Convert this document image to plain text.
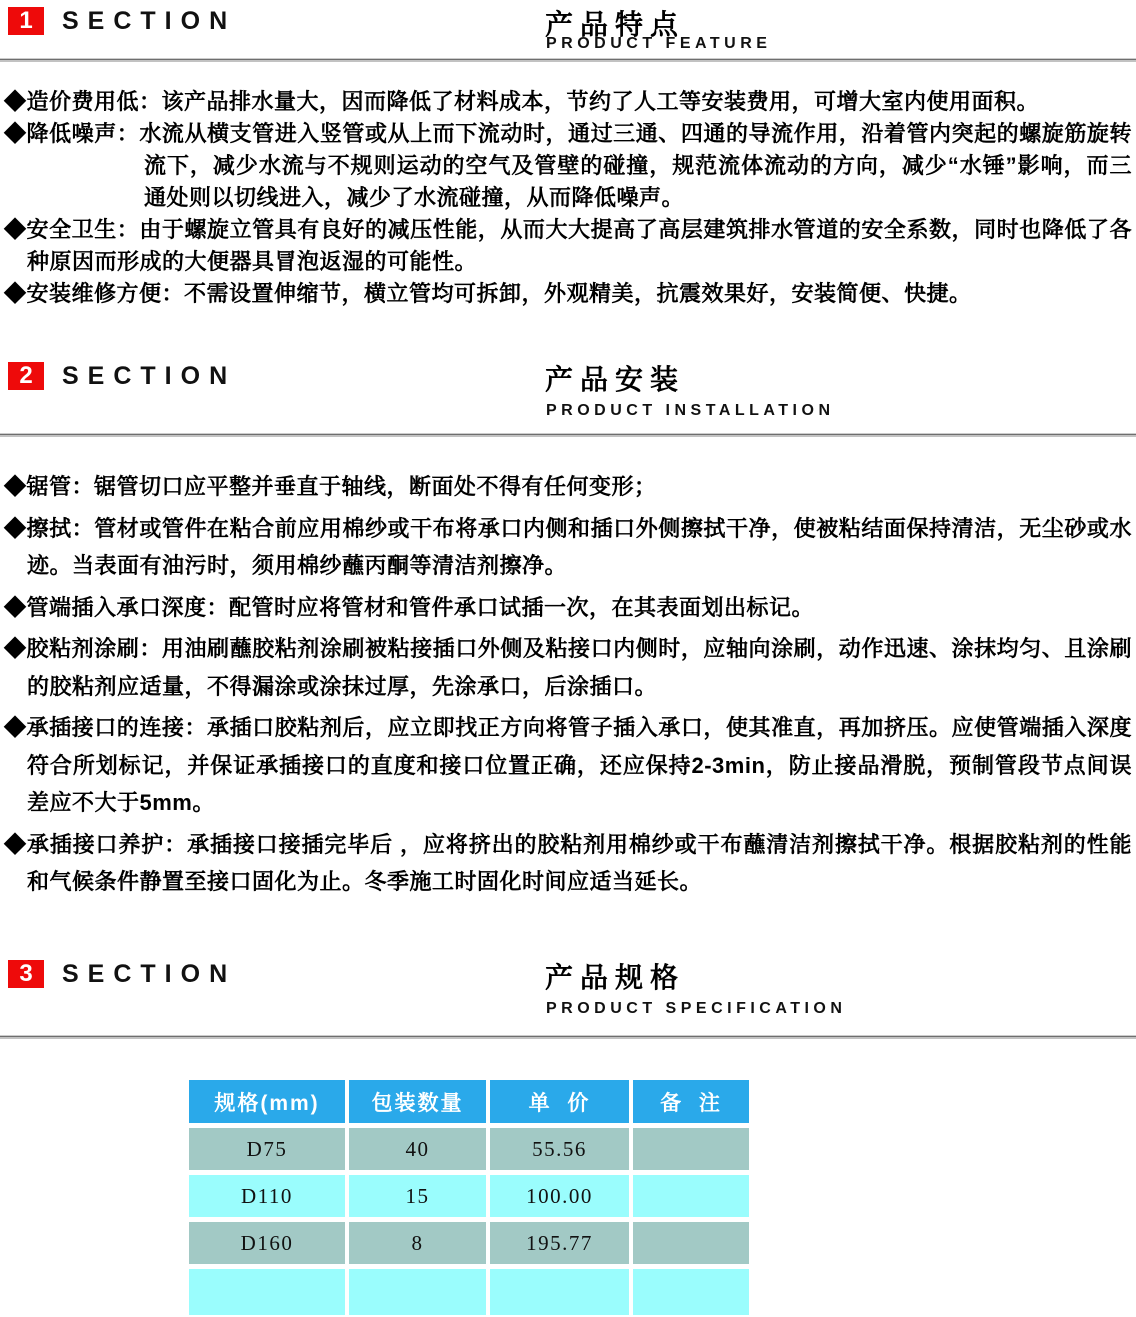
1	SECTION	产品特点
PRODUCT FEATURE

◆造价费用低：该产品排水量大，因而降低了材料成本，节约了人工等安装费用，可增大室内使用面积。

◆降低噪声：水流从横支管进入竖管或从上而下流动时，通过三通、四通的导流作用，沿着管内突起的螺旋筋旋转流下，减少水流与不规则运动的空气及管壁的碰撞，规范流体流动的方向，减少“水锤”影响，而三通处则以切线进入，减少了水流碰撞，从而降低噪声。

◆安全卫生：由于螺旋立管具有良好的减压性能，从而大大提高了高层建筑排水管道的安全系数，同时也降低了各种原因而形成的大便器具冒泡返湿的可能性。

◆安装维修方便：不需设置伸缩节，横立管均可拆卸，外观精美，抗震效果好，安装简便、快捷。

2	SECTION	产品安装
PRODUCT INSTALLATION

◆锯管：锯管切口应平整并垂直于轴线，断面处不得有任何变形；

◆擦拭：管材或管件在粘合前应用棉纱或干布将承口内侧和插口外侧擦拭干净，使被粘结面保持清洁，无尘砂或水迹。当表面有油污时，须用棉纱蘸丙酮等清洁剂擦净。

◆管端插入承口深度：配管时应将管材和管件承口试插一次，在其表面划出标记。

◆胶粘剂涂刷：用油刷蘸胶粘剂涂刷被粘接插口外侧及粘接口内侧时，应轴向涂刷，动作迅速、涂抹均匀、且涂刷的胶粘剂应适量，不得漏涂或涂抹过厚，先涂承口，后涂插口。

◆承插接口的连接：承插口胶粘剂后，应立即找正方向将管子插入承口，使其准直，再加挤压。应使管端插入深度符合所划标记，并保证承插接口的直度和接口位置正确，还应保持2-3min，防止接品滑脱，预制管段节点间误差应不大于5mm。

◆承插接口养护：承插接口接插完毕后 ，应将挤出的胶粘剂用棉纱或干布蘸清洁剂擦拭干净。根据胶粘剂的性能和气候条件静置至接口固化为止。冬季施工时固化时间应适当延长。

3	SECTION	产品规格
PRODUCT SPECIFICATION
规格(mm)	包装数量	单  价	备  注
D75	40	55.56
D110	15	100.00
D160	8	195.77
